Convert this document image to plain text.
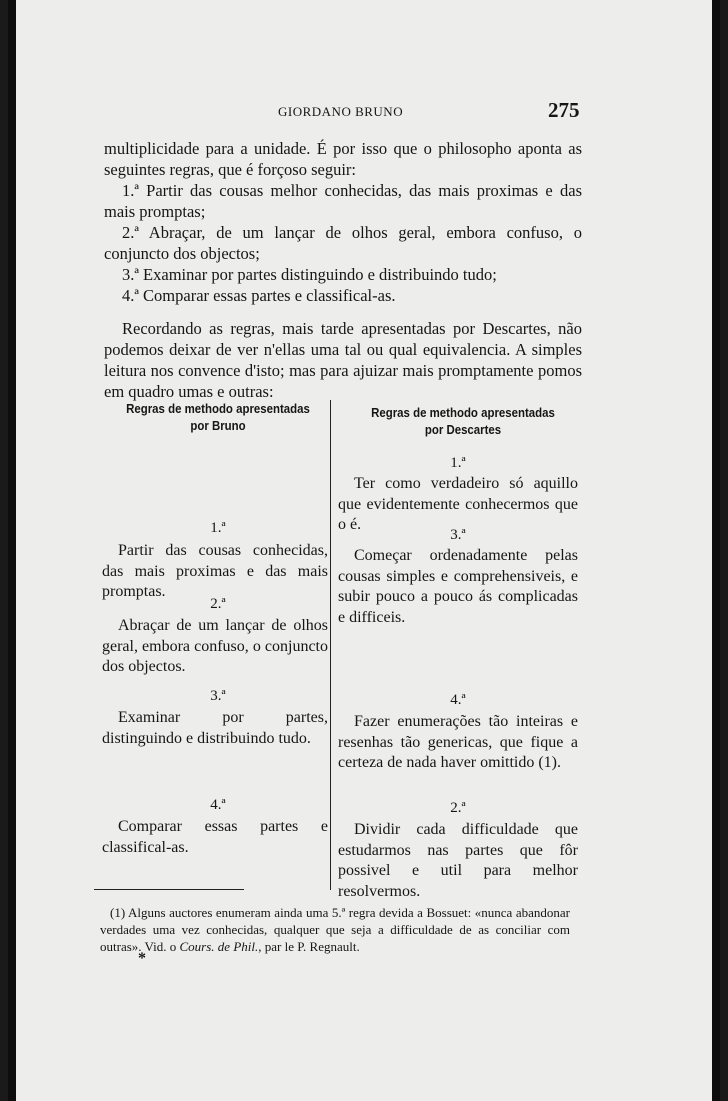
GIORDANO BRUNO	275

multiplicidade para a unidade. É por isso que o philosopho aponta as seguintes regras, que é forçoso seguir:

1.ª Partir das cousas melhor conhecidas, das mais proximas e das mais promptas;

2.ª Abraçar, de um lançar de olhos geral, embora confuso, o conjuncto dos objectos;

3.ª Examinar por partes distinguindo e distribuindo tudo;

4.ª Comparar essas partes e classifical-as.

Recordando as regras, mais tarde apresentadas por Descartes, não podemos deixar de ver n'ellas uma tal ou qual equivalencia. A simples leitura nos convence d'isto; mas para ajuizar mais promptamente pomos em quadro umas e outras:

Regras de methodo apresentadas por Bruno
Regras de methodo apresentadas por Descartes
1.ª
Partir das cousas conhecidas, das mais proximas e das mais promptas.
2.ª
Abraçar de um lançar de olhos geral, embora confuso, o conjuncto dos objectos.
3.ª
Examinar por partes, distinguindo e distribuindo tudo.
4.ª
Comparar essas partes e classifical-as.
1.ª
Ter como verdadeiro só aquillo que evidentemente conhecermos que o é.
3.ª
Começar ordenadamente pelas cousas simples e comprehensiveis, e subir pouco a pouco ás complicadas e difficeis.
4.ª
Fazer enumerações tão inteiras e resenhas tão genericas, que fique a certeza de nada haver omittido (1).
2.ª
Dividir cada difficuldade que estudarmos nas partes que fôr possivel e util para melhor resolvermos.
(1) Alguns auctores enumeram ainda uma 5.ª regra devida a Bossuet: «nunca abandonar verdades uma vez conhecidas, qualquer que seja a difficuldade de as conciliar com outras». Vid. o Cours. de Phil., par le P. Regnault.
*
